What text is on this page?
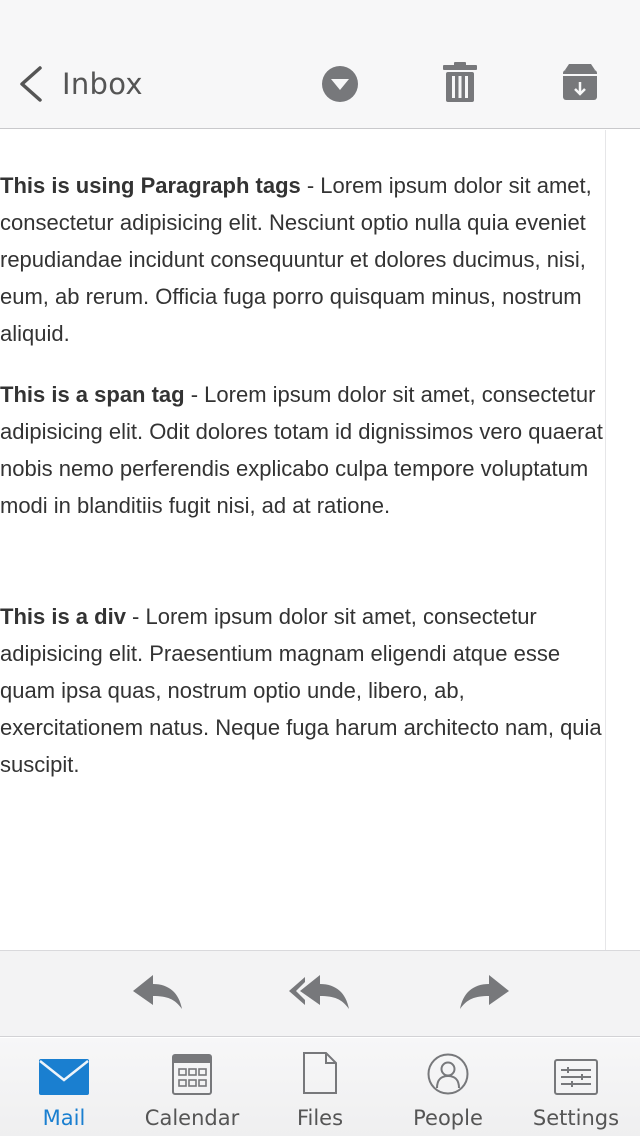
Inbox

This is using Paragraph tags - Lorem ipsum dolor sit amet, consectetur adipisicing elit. Nesciunt optio nulla quia eveniet repudiandae incidunt consequuntur et dolores ducimus, nisi, eum, ab rerum. Officia fuga porro quisquam minus, nostrum aliquid.

This is a span tag - Lorem ipsum dolor sit amet, consectetur adipisicing elit. Odit dolores totam id dignissimos vero quaerat nobis nemo perferendis explicabo culpa tempore voluptatum modi in blanditiis fugit nisi, ad at ratione.

This is a div - Lorem ipsum dolor sit amet, consectetur adipisicing elit. Praesentium magnam eligendi atque esse quam ipsa quas, nostrum optio unde, libero, ab, exercitationem natus. Neque fuga harum architecto nam, quia suscipit.

Mail	Calendar	Files	People Settings
